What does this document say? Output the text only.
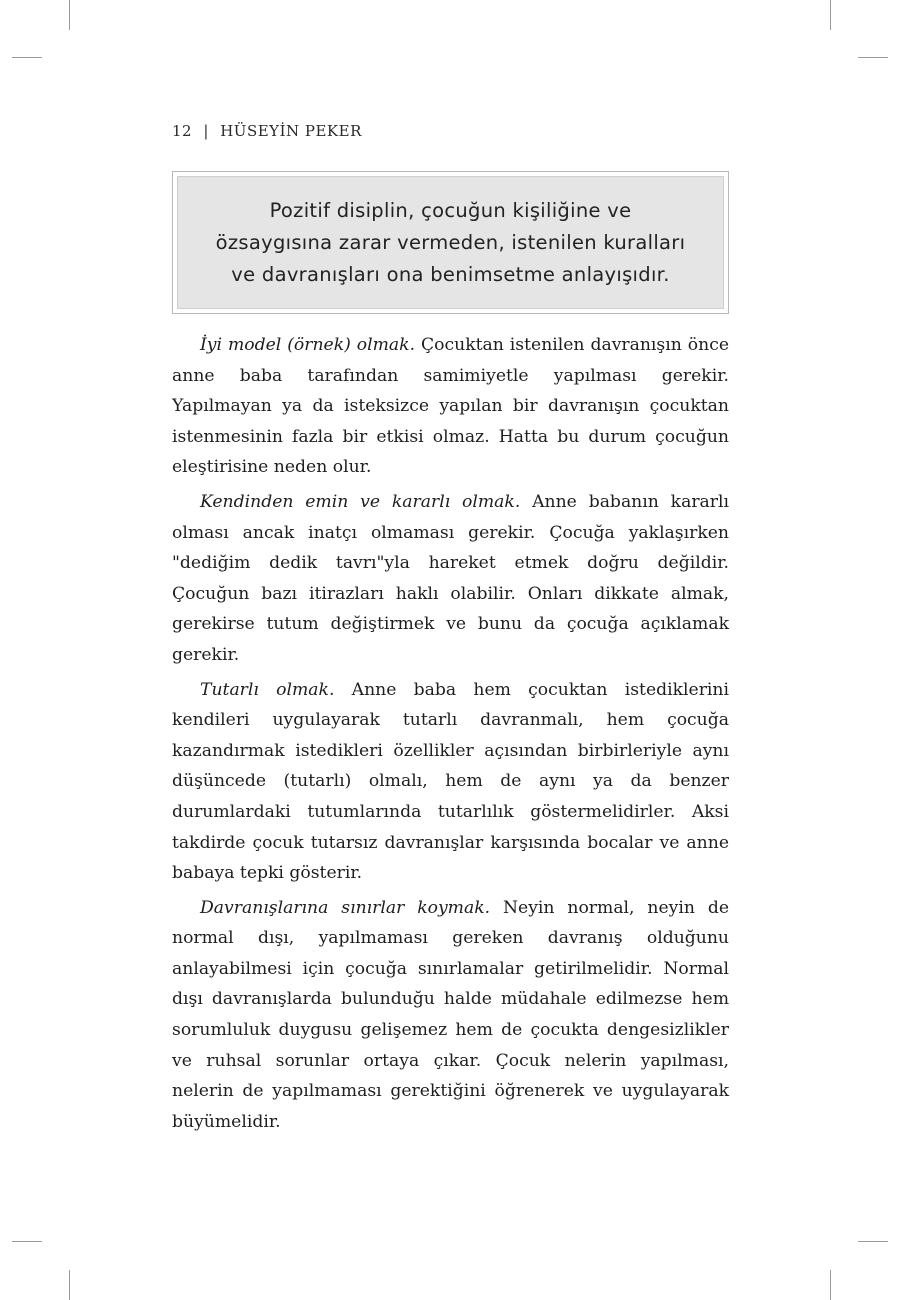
12 | HÜSEYİN PEKER
Pozitif disiplin, çocuğun kişiliğine ve
özsaygısına zarar vermeden, istenilen kuralları
ve davranışları ona benimsetme anlayışıdır.

İyi model (örnek) olmak. Çocuktan istenilen davranışın önce anne baba tarafından samimiyetle yapılması gerekir. Yapılmayan ya da isteksizce yapılan bir davranışın çocuktan istenmesinin fazla bir etkisi olmaz. Hatta bu durum çocuğun eleştirisine neden olur.

Kendinden emin ve kararlı olmak. Anne babanın kararlı olması ancak inatçı olmaması gerekir. Çocuğa yaklaşırken "dediğim dedik tavrı"yla hareket etmek doğru değildir. Çocuğun bazı itirazları haklı olabilir. Onları dikkate almak, gerekirse tutum değiştirmek ve bunu da çocuğa açıklamak gerekir.

Tutarlı olmak. Anne baba hem çocuktan istediklerini kendileri uygulayarak tutarlı davranmalı, hem çocuğa kazandırmak istedikleri özellikler açısından birbirleriyle aynı düşüncede (tutarlı) olmalı, hem de aynı ya da benzer durumlardaki tutumlarında tutarlılık göstermelidirler. Aksi takdirde çocuk tutarsız davranışlar karşısında bocalar ve anne babaya tepki gösterir.

Davranışlarına sınırlar koymak. Neyin normal, neyin de normal dışı, yapılmaması gereken davranış olduğunu anlayabilmesi için çocuğa sınırlamalar getirilmelidir. Normal dışı davranışlarda bulunduğu halde müdahale edilmezse hem sorumluluk duygusu gelişemez hem de çocukta dengesizlikler ve ruhsal sorunlar ortaya çıkar. Çocuk nelerin yapılması, nelerin de yapılmaması gerektiğini öğrenerek ve uygulayarak büyümelidir.
